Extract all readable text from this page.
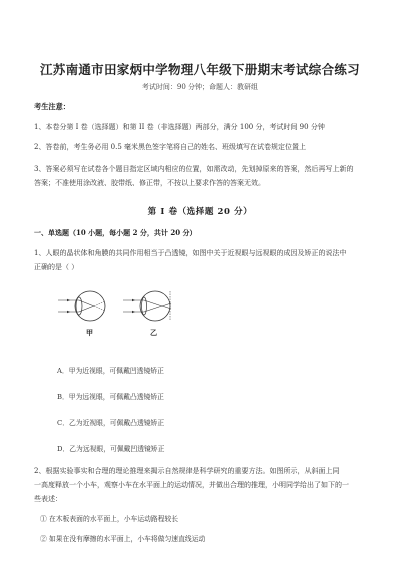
江苏南通市田家炳中学物理八年级下册期末考试综合练习
考试时间：90 分钟；命题人：教研组
考生注意：
1、本卷分第 I 卷（选择题）和第 II 卷（非选择题）两部分，满分 100 分，考试时间 90 分钟
2、答卷前，考生务必用 0.5 毫米黑色签字笔将自己的姓名、班级填写在试卷规定位置上
3、答案必须写在试卷各个题目指定区域内相应的位置，如需改动，先划掉原来的答案，然后再写上新的
答案；不准使用涂改液、胶带纸、修正带，不按以上要求作答的答案无效。
第 I 卷（选择题 20 分）
一、单选题（10 小题，每小题 2 分，共计 20 分）
1、人眼的晶状体和角膜的共同作用相当于凸透镜，如图中关于近视眼与远视眼的成因及矫正的说法中
正确的是（ ）
甲	乙
A．甲为近视眼，可佩戴凹透镜矫正
B．甲为远视眼，可佩戴凸透镜矫正
C．乙为近视眼，可佩戴凸透镜矫正
D．乙为远视眼，可佩戴凹透镜矫正
2、根据实验事实和合理的理论推理来揭示自然规律是科学研究的重要方法。如图所示，从斜面上同
一高度释放一个小车，观察小车在水平面上的运动情况，并做出合理的推理，小明同学给出了如下的一
些表述：
① 在木板表面的水平面上，小车运动路程较长
② 如果在没有摩擦的水平面上，小车将做匀速直线运动
